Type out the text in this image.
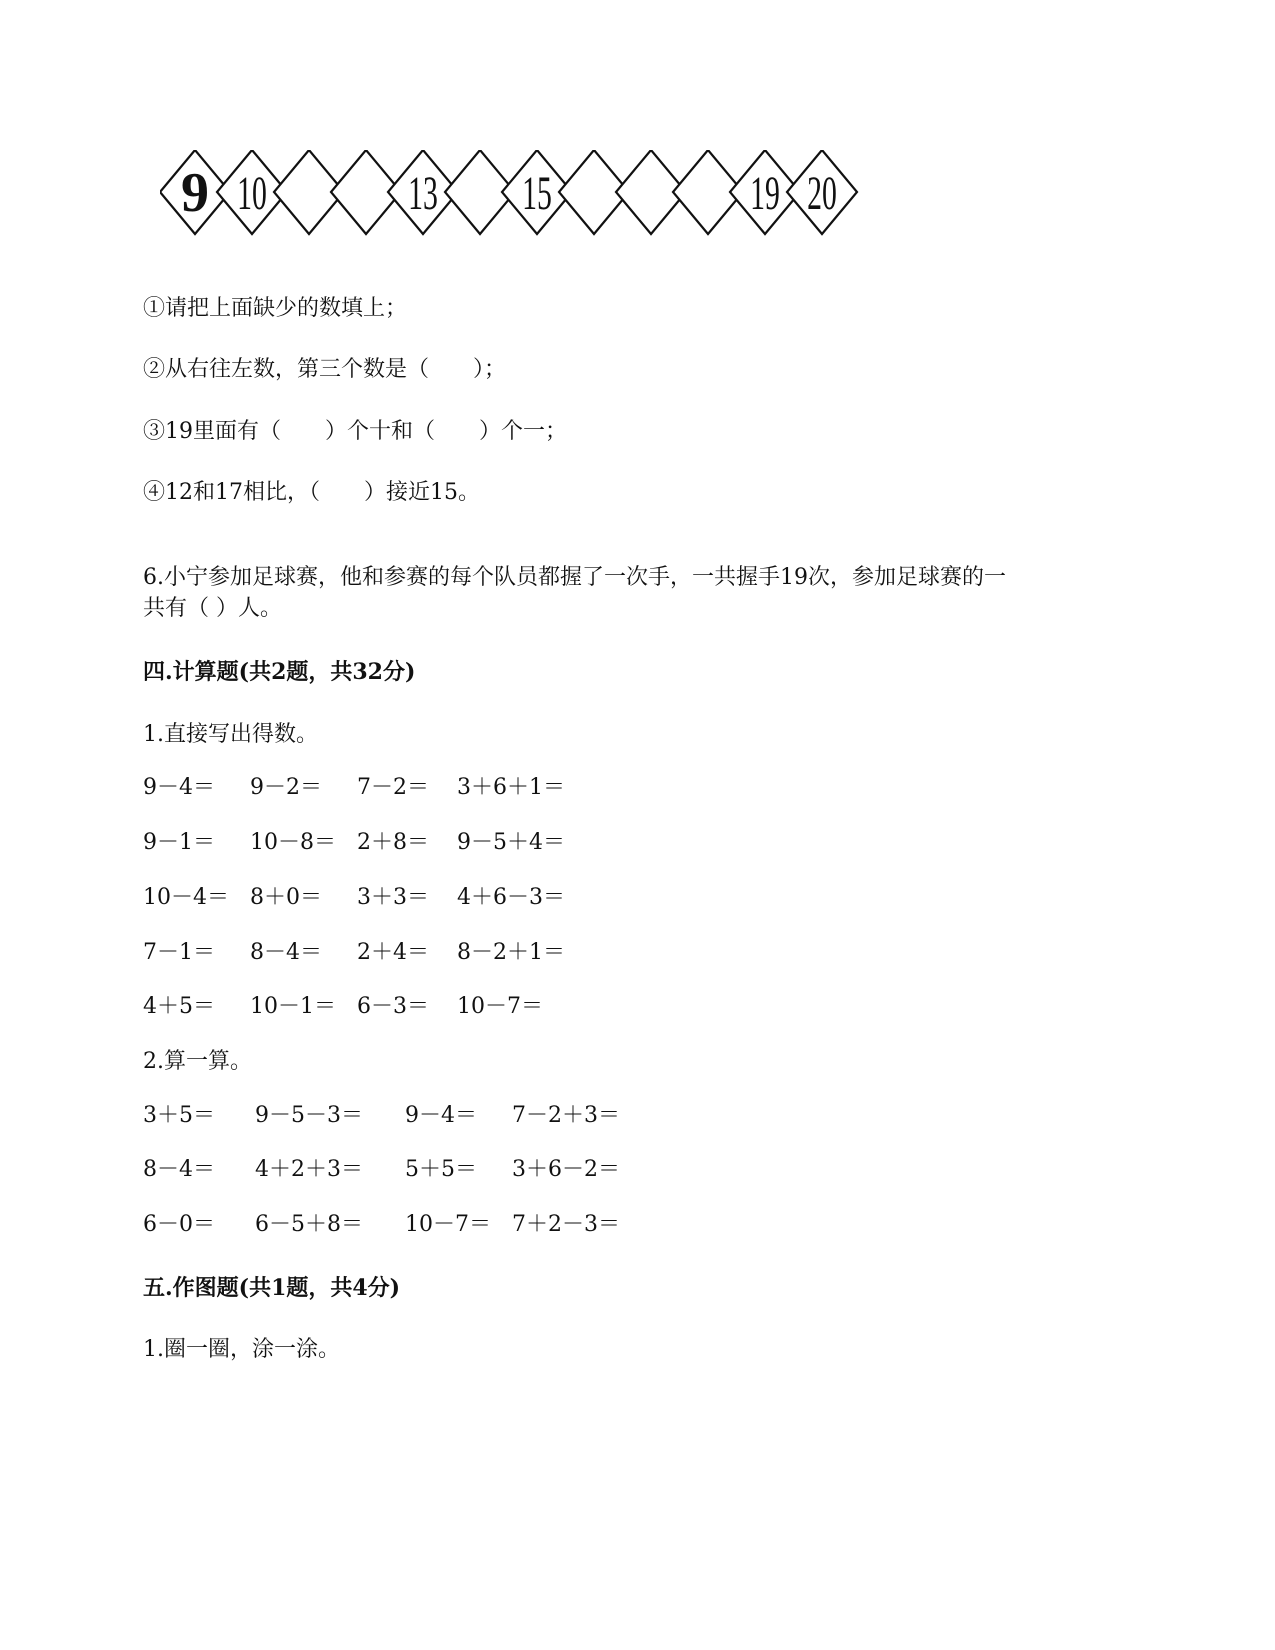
9 10	13 15	19 20
①请把上面缺少的数填上；
②从右往左数，第三个数是（　　）；
③19里面有（　　）个十和（　　）个一；
④12和17相比，（　　）接近15。
6.小宁参加足球赛，他和参赛的每个队员都握了一次手，一共握手19次，参加足球赛的一
共有（ ）人。
四.计算题(共2题，共32分)
1.直接写出得数。
9－4＝ 9－2＝ 7－2＝ 3＋6＋1＝
9－1＝ 10－8＝ 2＋8＝ 9－5＋4＝
10－4＝ 8＋0＝ 3＋3＝ 4＋6－3＝
7－1＝ 8－4＝ 2＋4＝ 8－2＋1＝
4＋5＝ 10－1＝ 6－3＝ 10－7＝
2.算一算。
3＋5＝ 9－5－3＝ 9－4＝ 7－2＋3＝
8－4＝ 4＋2＋3＝ 5＋5＝ 3＋6－2＝
6－0＝ 6－5＋8＝ 10－7＝ 7＋2－3＝
五.作图题(共1题，共4分)
1.圈一圈，涂一涂。
